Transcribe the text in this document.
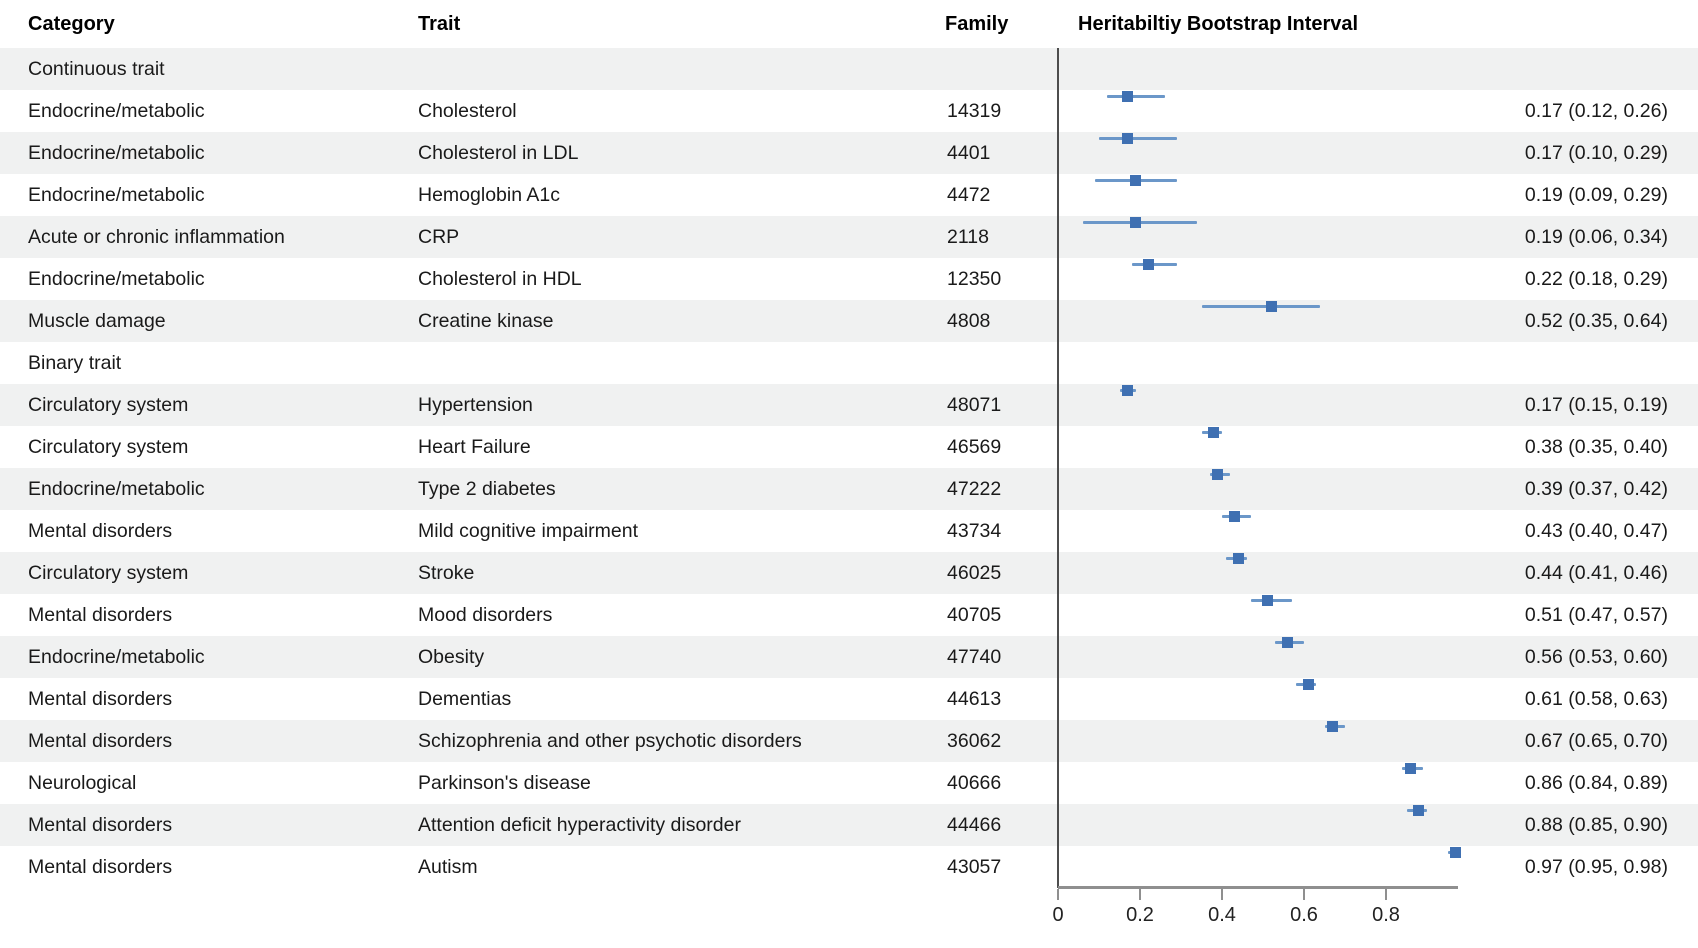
Category	Trait	Family	Heritabiltiy Bootstrap Interval
Continuous trait
Endocrine/metabolic	Cholesterol	14319	0.17 (0.12, 0.26)
Endocrine/metabolic	Cholesterol in LDL	4401	0.17 (0.10, 0.29)
Endocrine/metabolic	Hemoglobin A1c	4472	0.19 (0.09, 0.29)
Acute or chronic inflammation	CRP	2118	0.19 (0.06, 0.34)
Endocrine/metabolic	Cholesterol in HDL	12350	0.22 (0.18, 0.29)
Muscle damage	Creatine kinase	4808	0.52 (0.35, 0.64)
Binary trait
Circulatory system	Hypertension	48071	0.17 (0.15, 0.19)
Circulatory system	Heart Failure	46569	0.38 (0.35, 0.40)
Endocrine/metabolic	Type 2 diabetes	47222	0.39 (0.37, 0.42)
Mental disorders	Mild cognitive impairment	43734	0.43 (0.40, 0.47)
Circulatory system	Stroke	46025	0.44 (0.41, 0.46)
Mental disorders	Mood disorders	40705	0.51 (0.47, 0.57)
Endocrine/metabolic	Obesity	47740	0.56 (0.53, 0.60)
Mental disorders	Dementias	44613	0.61 (0.58, 0.63)
Mental disorders	Schizophrenia and other psychotic disorders	36062	0.67 (0.65, 0.70)
Neurological	Parkinson's disease	40666	0.86 (0.84, 0.89)
Mental disorders	Attention deficit hyperactivity disorder	44466	0.88 (0.85, 0.90)
Mental disorders	Autism	43057	0.97 (0.95, 0.98)
0	0.2	0.4	0.6	0.8
